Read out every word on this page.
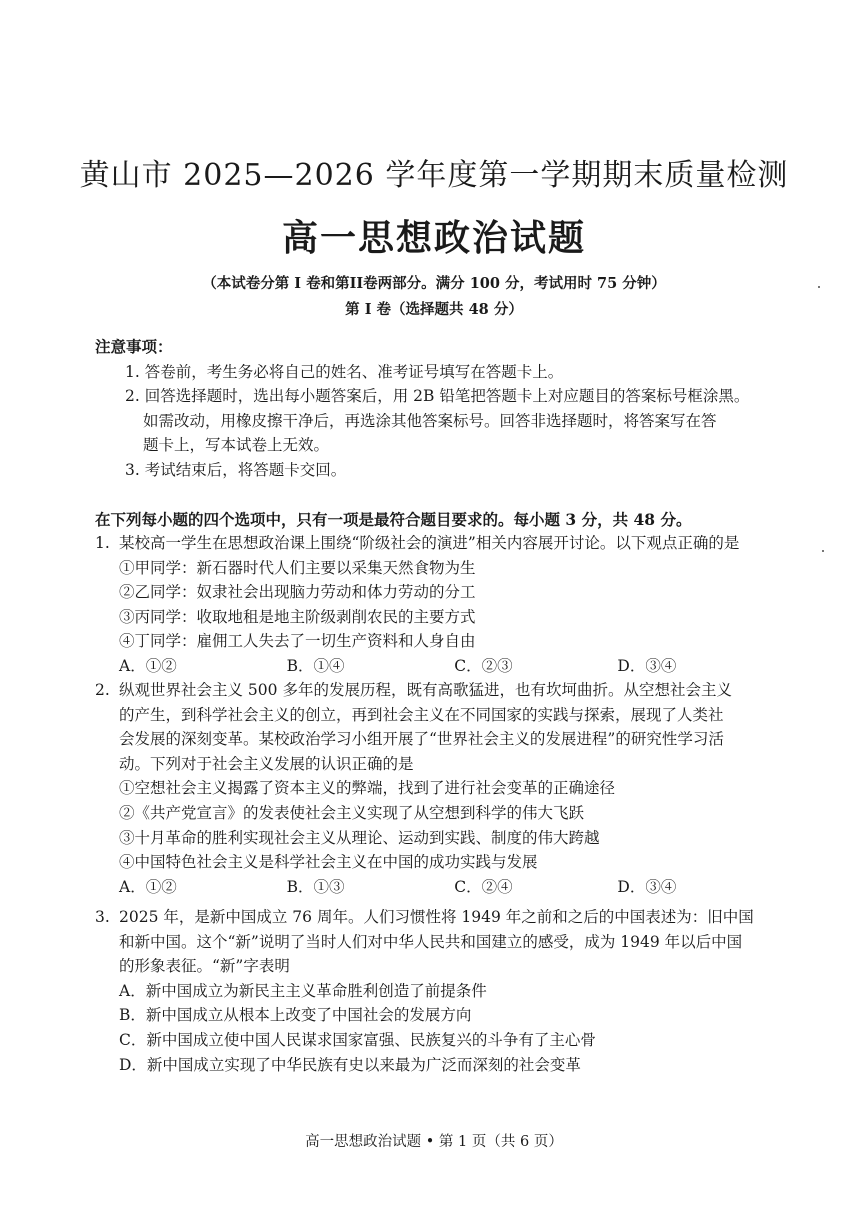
黄山市 2025—2026 学年度第一学期期末质量检测
高一思想政治试题
（本试卷分第 I 卷和第II卷两部分。满分 100 分，考试用时 75 分钟）
第 I 卷（选择题共 48 分）
注意事项：
1. 答卷前，考生务必将自己的姓名、准考证号填写在答题卡上。
2. 回答选择题时，选出每小题答案后，用 2B 铅笔把答题卡上对应题目的答案标号框涂黑。
如需改动，用橡皮擦干净后，再选涂其他答案标号。回答非选择题时，将答案写在答
题卡上，写本试卷上无效。
3. 考试结束后，将答题卡交回。
在下列每小题的四个选项中，只有一项是最符合题目要求的。每小题 3 分，共 48 分。
1. 某校高一学生在思想政治课上围绕“阶级社会的演进”相关内容展开讨论。以下观点正确的是
①甲同学：新石器时代人们主要以采集天然食物为生
②乙同学：奴隶社会出现脑力劳动和体力劳动的分工
③丙同学：收取地租是地主阶级剥削农民的主要方式
④丁同学：雇佣工人失去了一切生产资料和人身自由
A．①②	B．①④	C．②③	D．③④
2. 纵观世界社会主义 500 多年的发展历程，既有高歌猛进，也有坎坷曲折。从空想社会主义
的产生，到科学社会主义的创立，再到社会主义在不同国家的实践与探索，展现了人类社
会发展的深刻变革。某校政治学习小组开展了“世界社会主义的发展进程”的研究性学习活
动。下列对于社会主义发展的认识正确的是
①空想社会主义揭露了资本主义的弊端，找到了进行社会变革的正确途径
②《共产党宣言》的发表使社会主义实现了从空想到科学的伟大飞跃
③十月革命的胜利实现社会主义从理论、运动到实践、制度的伟大跨越
④中国特色社会主义是科学社会主义在中国的成功实践与发展
A．①②	B．①③	C．②④	D．③④
3. 2025 年，是新中国成立 76 周年。人们习惯性将 1949 年之前和之后的中国表述为：旧中国
和新中国。这个“新”说明了当时人们对中华人民共和国建立的感受，成为 1949 年以后中国
的形象表征。“新”字表明
A．新中国成立为新民主主义革命胜利创造了前提条件
B．新中国成立从根本上改变了中国社会的发展方向
C．新中国成立使中国人民谋求国家富强、民族复兴的斗争有了主心骨
D．新中国成立实现了中华民族有史以来最为广泛而深刻的社会变革
高一思想政治试题 • 第 1 页（共 6 页）
